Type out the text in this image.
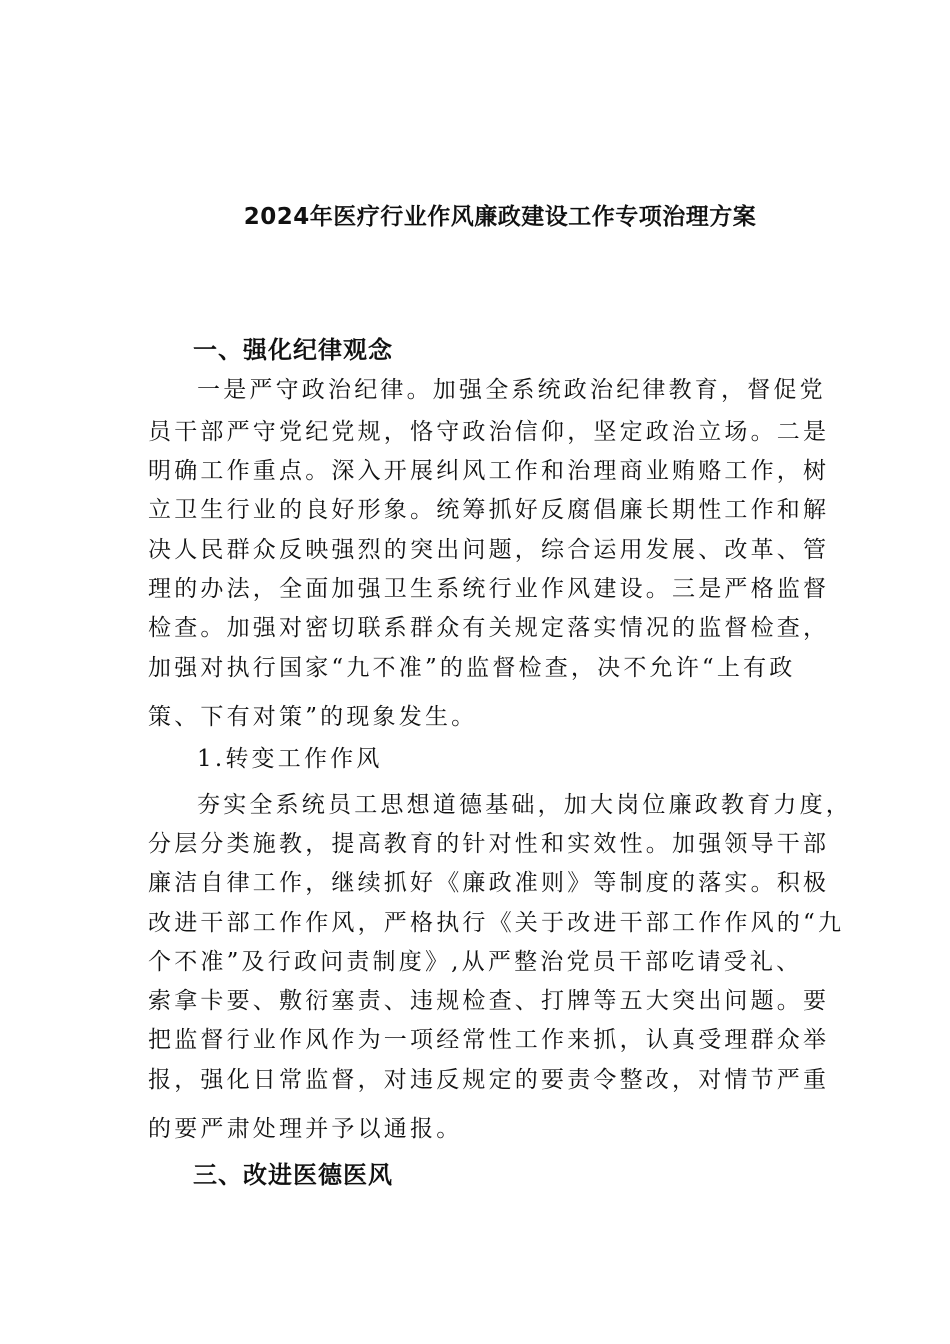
2024年医疗行业作风廉政建设工作专项治理方案
一、强化纪律观念
一是严守政治纪律。加强全系统政治纪律教育，督促党
员干部严守党纪党规，恪守政治信仰，坚定政治立场。二是
明确工作重点。深入开展纠风工作和治理商业贿赂工作，树
立卫生行业的良好形象。统筹抓好反腐倡廉长期性工作和解
决人民群众反映强烈的突出问题，综合运用发展、改革、管
理的办法，全面加强卫生系统行业作风建设。三是严格监督
检查。加强对密切联系群众有关规定落实情况的监督检查，
加强对执行国家“九不准”的监督检查，决不允许“上有政
策、下有对策”的现象发生。
1.转变工作作风
夯实全系统员工思想道德基础，加大岗位廉政教育力度，
分层分类施教，提高教育的针对性和实效性。加强领导干部
廉洁自律工作，继续抓好《廉政准则》等制度的落实。积极
改进干部工作作风，严格执行《关于改进干部工作作风的“九
个不准”及行政问责制度》,从严整治党员干部吃请受礼、
索拿卡要、敷衍塞责、违规检查、打牌等五大突出问题。要
把监督行业作风作为一项经常性工作来抓，认真受理群众举
报，强化日常监督，对违反规定的要责令整改，对情节严重
的要严肃处理并予以通报。
三、改进医德医风
